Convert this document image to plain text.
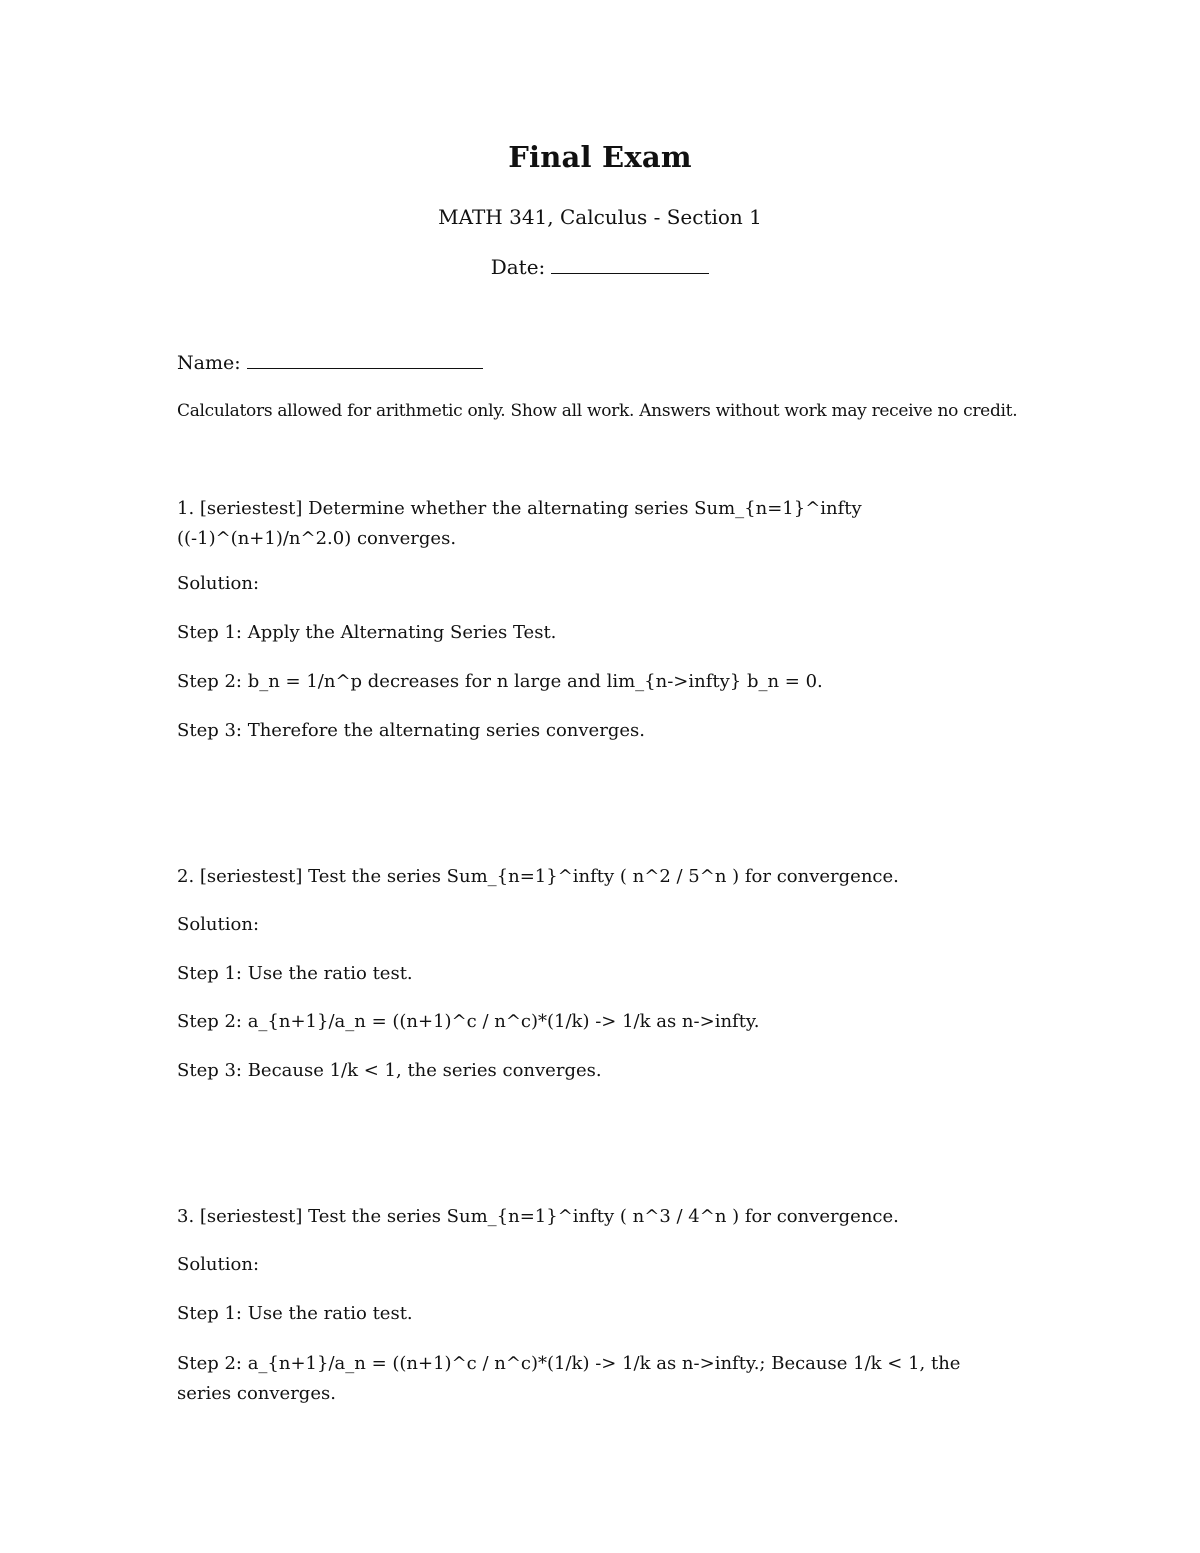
Final Exam
MATH 341, Calculus - Section 1
Date:
Name:
Calculators allowed for arithmetic only. Show all work. Answers without work may receive no credit.
1. [seriestest] Determine whether the alternating series Sum_{n=1}^infty ((-1)^(n+1)/n^2.0) converges.
Solution:
Step 1: Apply the Alternating Series Test.
Step 2: b_n = 1/n^p decreases for n large and lim_{n->infty} b_n = 0.
Step 3: Therefore the alternating series converges.
2. [seriestest] Test the series Sum_{n=1}^infty ( n^2 / 5^n ) for convergence.
Solution:
Step 1: Use the ratio test.
Step 2: a_{n+1}/a_n = ((n+1)^c / n^c)*(1/k) -> 1/k as n->infty.
Step 3: Because 1/k < 1, the series converges.
3. [seriestest] Test the series Sum_{n=1}^infty ( n^3 / 4^n ) for convergence.
Solution:
Step 1: Use the ratio test.
Step 2: a_{n+1}/a_n = ((n+1)^c / n^c)*(1/k) -> 1/k as n->infty.; Because 1/k < 1, the series converges.
